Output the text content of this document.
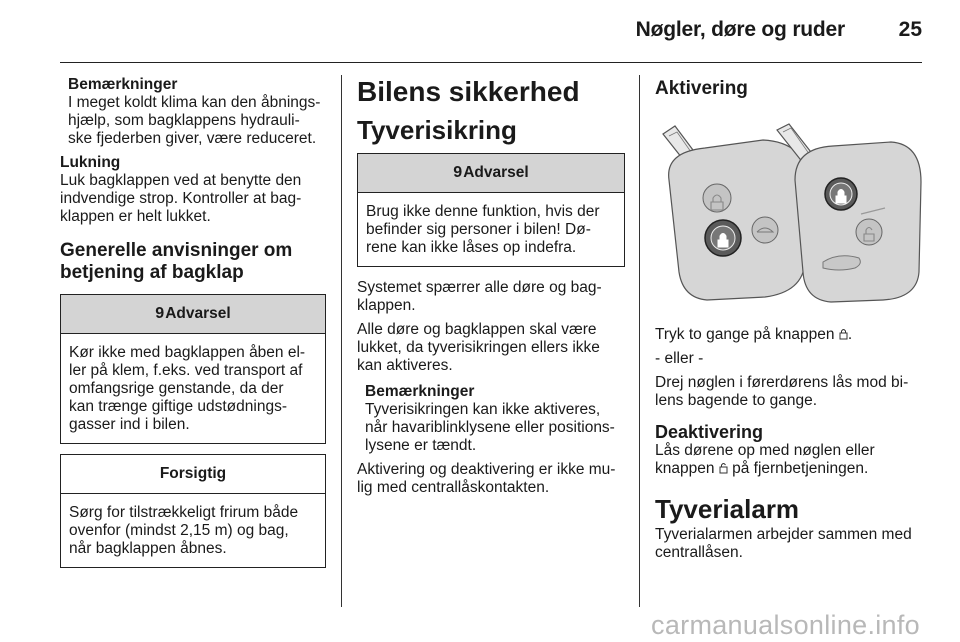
Nøgler, døre og ruder	25

Bemærkninger

I meget koldt klima kan den åbnings-

hjælp, som bagklappens hydrauli-

ske fjederben giver, være reduceret.

Lukning

Luk bagklappen ved at benytte den

indvendige strop. Kontroller at bag-

klappen er helt lukket.

Generelle anvisninger om

betjening af bagklap

9 Advarsel

Kør ikke med bagklappen åben el-

ler på klem, f.eks. ved transport af

omfangsrige genstande, da der

kan trænge giftige udstødnings-

gasser ind i bilen.

Forsigtig

Sørg for tilstrækkeligt frirum både

ovenfor (mindst 2,15 m) og bag,

når bagklappen åbnes.

Bilens sikkerhed

Tyverisikring

9 Advarsel

Brug ikke denne funktion, hvis der

befinder sig personer i bilen! Dø-

rene kan ikke låses op indefra.

Systemet spærrer alle døre og bag-

klappen.

Alle døre og bagklappen skal være

lukket, da tyverisikringen ellers ikke

kan aktiveres.

Bemærkninger

Tyverisikringen kan ikke aktiveres,

når havariblinklysene eller positions-

lysene er tændt.

Aktivering og deaktivering er ikke mu-

lig med centrallåskontakten.

Aktivering

Tryk to gange på knappen .

- eller -

Drej nøglen i førerdørens lås mod bi-

lens bagende to gange.

Deaktivering

Lås dørene op med nøglen eller

knappen  på fjernbetjeningen.

Tyverialarm

Tyverialarmen arbejder sammen med

centrallåsen.

carmanualsonline.info
